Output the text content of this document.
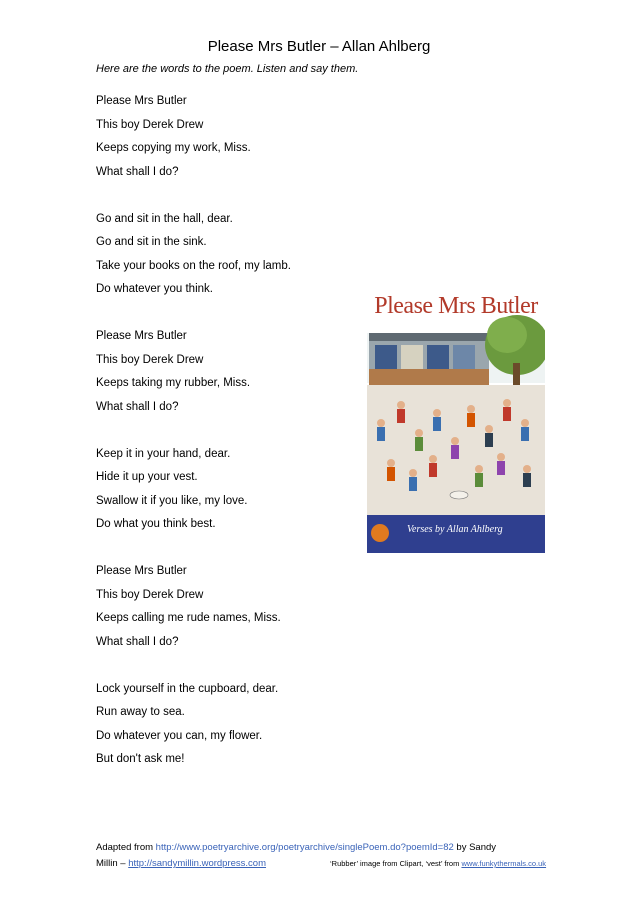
Please Mrs Butler – Allan Ahlberg
Here are the words to the poem. Listen and say them.
Please Mrs Butler
This boy Derek Drew
Keeps copying my work, Miss.
What shall I do?
Go and sit in the hall, dear.
Go and sit in the sink.
Take your books on the roof, my lamb.
Do whatever you think.
Please Mrs Butler
This boy Derek Drew
Keeps taking my rubber, Miss.
What shall I do?
Keep it in your hand, dear.
Hide it up your vest.
Swallow it if you like, my love.
Do what you think best.
Please Mrs Butler
This boy Derek Drew
Keeps calling me rude names, Miss.
What shall I do?
Lock yourself in the cupboard, dear.
Run away to sea.
Do whatever you can, my flower.
But don't ask me!
Please Mrs Butler
Verses by Allan Ahlberg
Adapted from http://www.poetryarchive.org/poetryarchive/singlePoem.do?poemId=82 by Sandy
Millin – http://sandymillin.wordpress.com	‘Rubber’ image from Clipart, ‘vest’ from www.funkythermals.co.uk
